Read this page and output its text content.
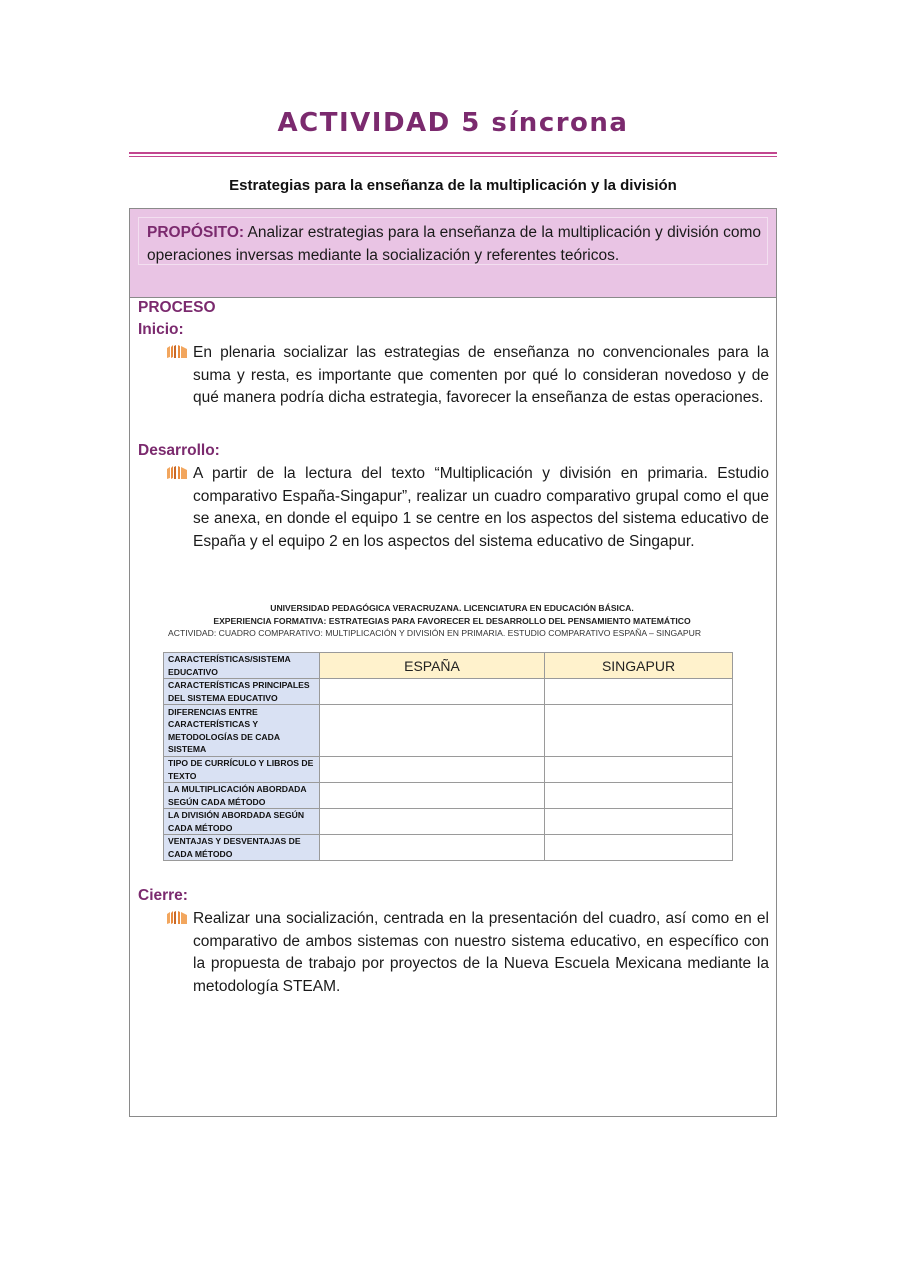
ACTIVIDAD 5 síncrona
Estrategias para la enseñanza de la multiplicación y la división

PROPÓSITO: Analizar estrategias para la enseñanza de la multiplicación y división como operaciones inversas mediante la socialización y referentes teóricos.

PROCESO
Inicio:

En plenaria socializar las estrategias de enseñanza no convencionales para la suma y resta, es importante que comenten por qué lo consideran novedoso y de qué manera podría dicha estrategia, favorecer la enseñanza de estas operaciones.

Desarrollo:

A partir de la lectura del texto “Multiplicación y división en primaria. Estudio comparativo España-Singapur”, realizar un cuadro comparativo grupal como el que se anexa, en donde el equipo 1 se centre en los aspectos del sistema educativo de España y el equipo 2 en los aspectos del sistema educativo de Singapur.

UNIVERSIDAD PEDAGÓGICA VERACRUZANA. LICENCIATURA EN EDUCACIÓN BÁSICA.
EXPERIENCIA FORMATIVA: ESTRATEGIAS PARA FAVORECER EL DESARROLLO DEL PENSAMIENTO MATEMÁTICO
ACTIVIDAD: CUADRO COMPARATIVO: MULTIPLICACIÓN Y DIVISIÓN EN PRIMARIA. ESTUDIO COMPARATIVO ESPAÑA – SINGAPUR
CARACTERÍSTICAS/SISTEMA EDUCATIVO	ESPAÑA	SINGAPUR
CARACTERÍSTICAS PRINCIPALES DEL SISTEMA EDUCATIVO		
DIFERENCIAS ENTRE CARACTERÍSTICAS Y METODOLOGÍAS DE CADA SISTEMA		
TIPO DE CURRÍCULO Y LIBROS DE TEXTO		
LA MULTIPLICACIÓN ABORDADA SEGÚN CADA MÉTODO		
LA DIVISIÓN ABORDADA SEGÚN CADA MÉTODO		
VENTAJAS Y DESVENTAJAS DE CADA MÉTODO		
Cierre:

Realizar una socialización, centrada en la presentación del cuadro, así como en el comparativo de ambos sistemas con nuestro sistema educativo, en específico con la propuesta de trabajo por proyectos de la Nueva Escuela Mexicana mediante la metodología STEAM.
